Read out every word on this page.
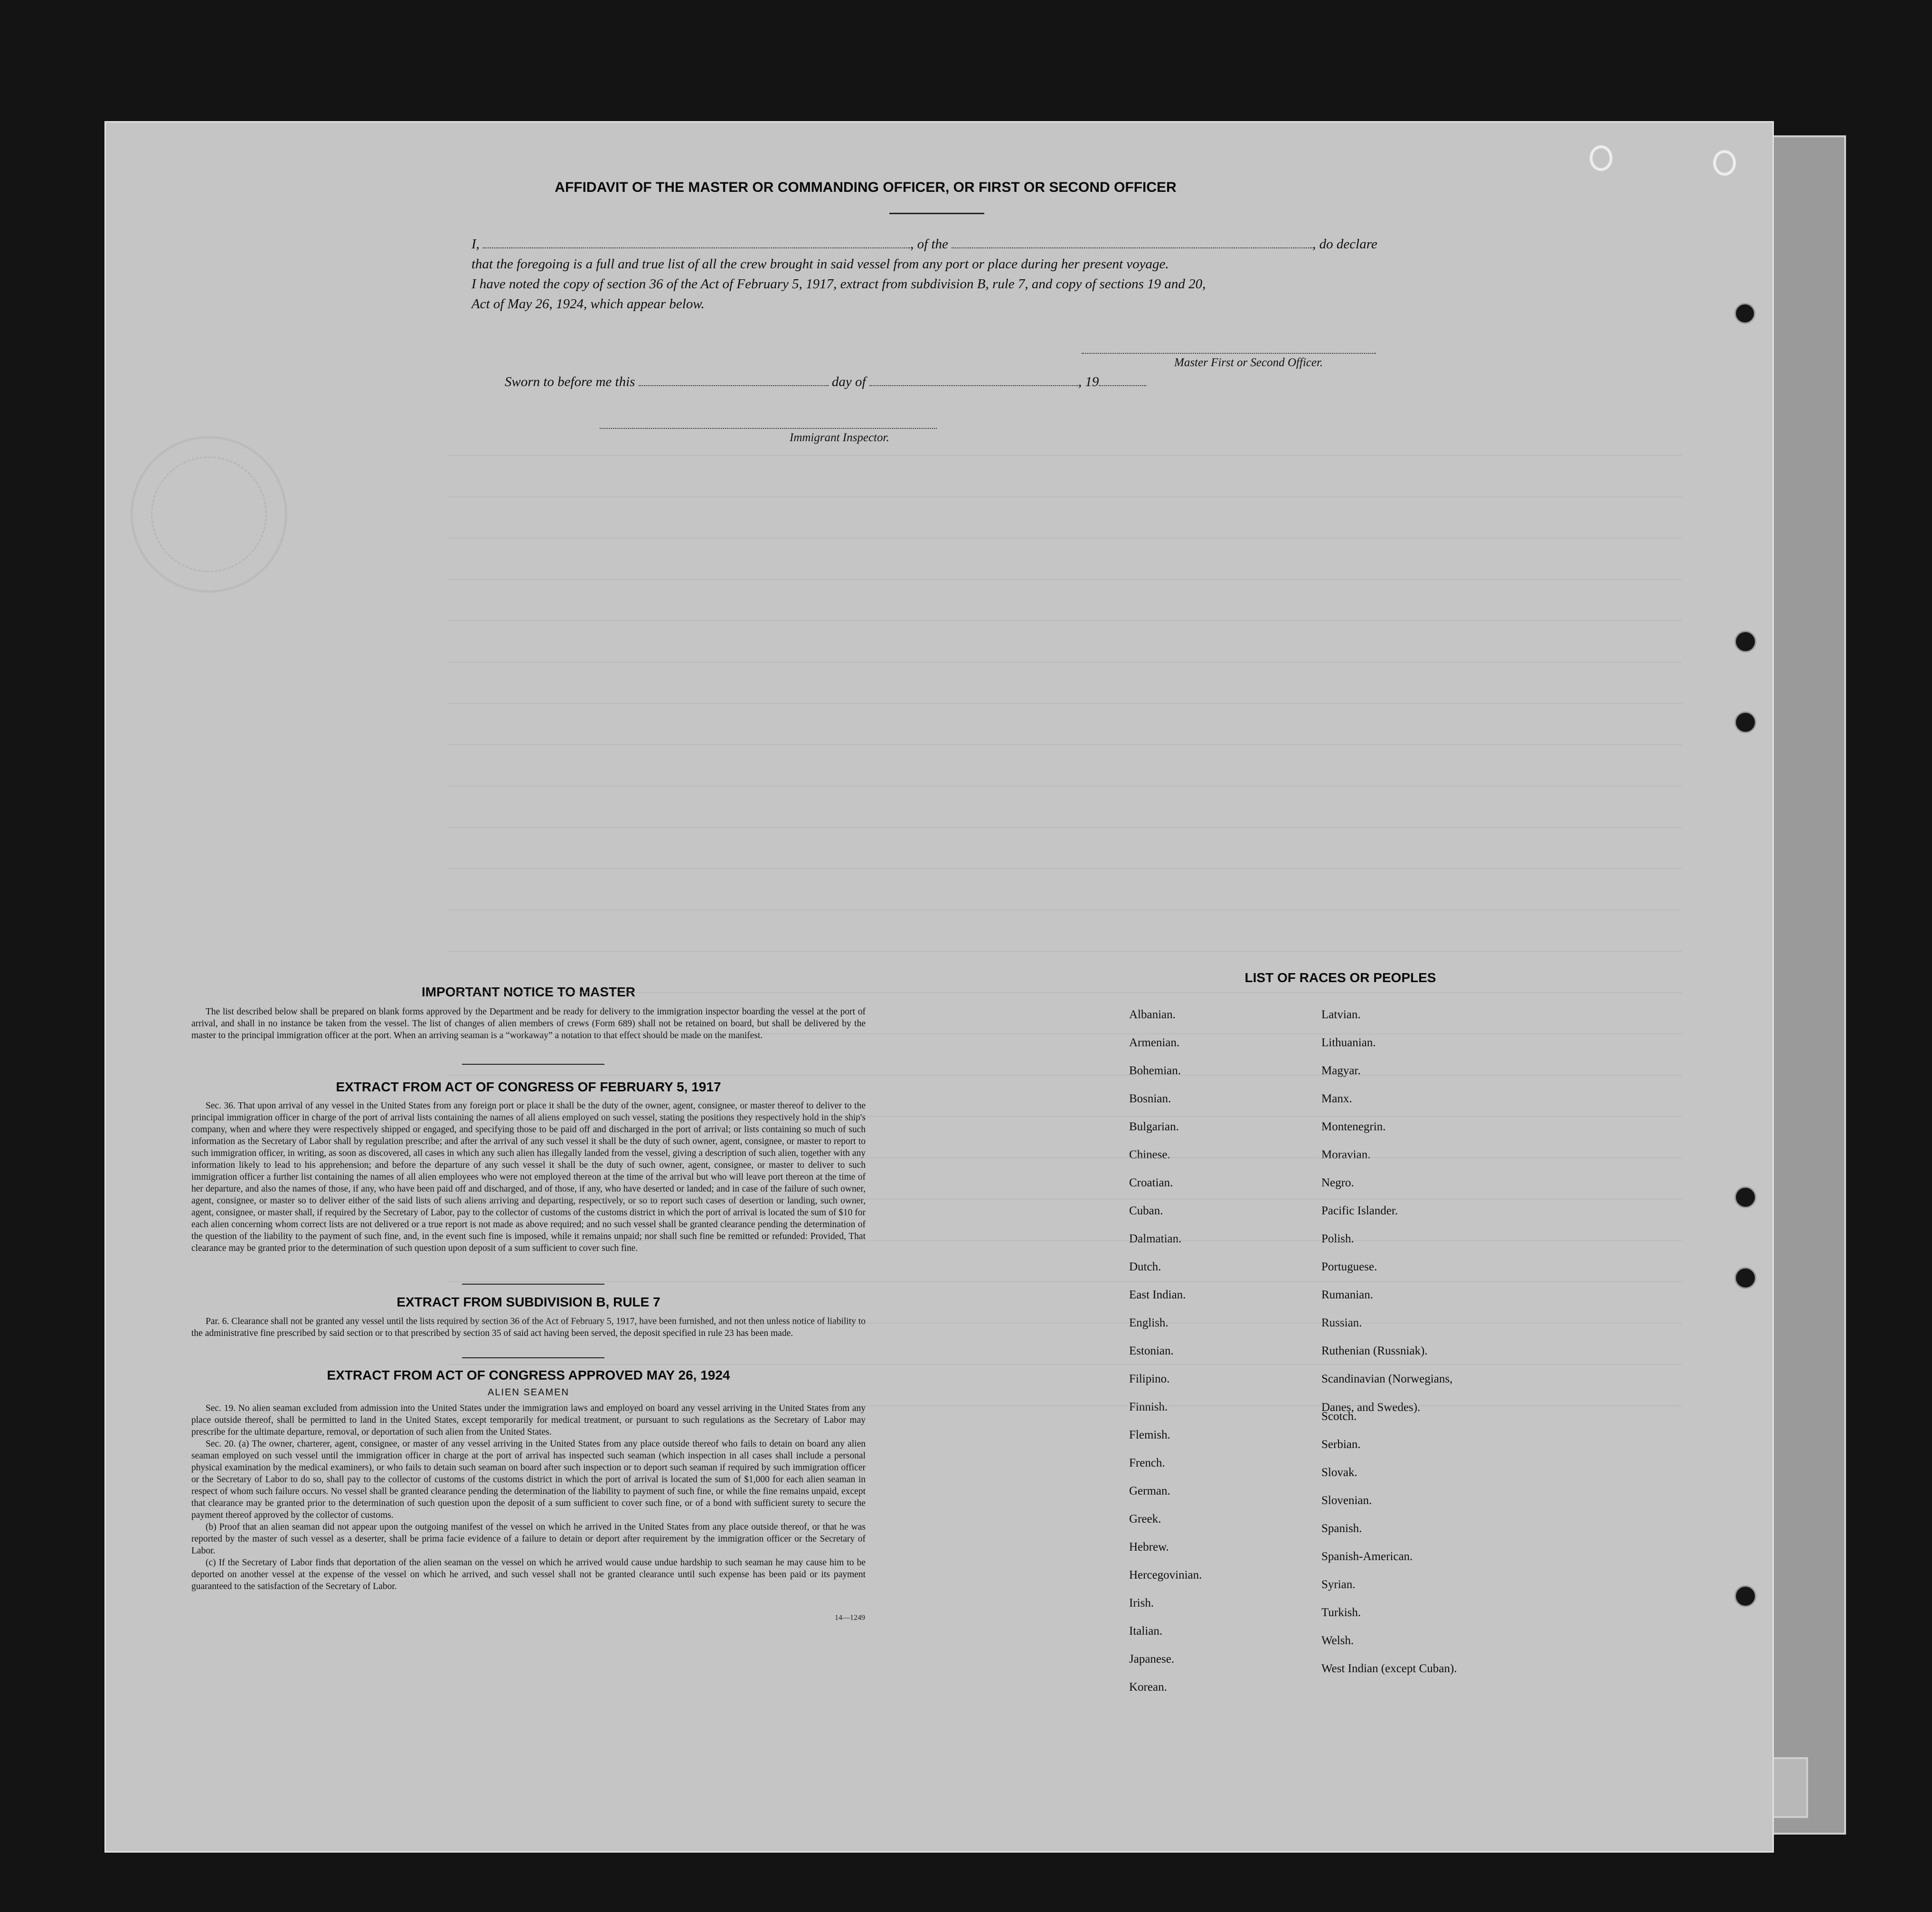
AFFIDAVIT OF THE MASTER OR COMMANDING OFFICER, OR FIRST OR SECOND OFFICER
I,	, of the	, do declare
that the foregoing is a full and true list of all the crew brought in said vessel from any port or place during her present voyage.
I have noted the copy of section 36 of the Act of February 5, 1917, extract from subdivision B, rule 7, and copy of sections 19 and 20,
Act of May 26, 1924, which appear below.
Master First or Second Officer.
Sworn to before me this	day of	, 19
Immigrant Inspector.
IMPORTANT NOTICE TO MASTER

The list described below shall be prepared on blank forms approved by the Department and be ready for delivery to the immigration inspector boarding the vessel at the port of arrival, and shall in no instance be taken from the vessel. The list of changes of alien members of crews (Form 689) shall not be retained on board, but shall be delivered by the master to the principal immigration officer at the port. When an arriving seaman is a “workaway” a notation to that effect should be made on the manifest.

EXTRACT FROM ACT OF CONGRESS OF FEBRUARY 5, 1917

Sec. 36. That upon arrival of any vessel in the United States from any foreign port or place it shall be the duty of the owner, agent, consignee, or master thereof to deliver to the principal immigration officer in charge of the port of arrival lists containing the names of all aliens employed on such vessel, stating the positions they respectively hold in the ship's company, when and where they were respectively shipped or engaged, and specifying those to be paid off and discharged in the port of arrival; or lists containing so much of such information as the Secretary of Labor shall by regulation prescribe; and after the arrival of any such vessel it shall be the duty of such owner, agent, consignee, or master to report to such immigration officer, in writing, as soon as discovered, all cases in which any such alien has illegally landed from the vessel, giving a description of such alien, together with any information likely to lead to his apprehension; and before the departure of any such vessel it shall be the duty of such owner, agent, consignee, or master to deliver to such immigration officer a further list containing the names of all alien employees who were not employed thereon at the time of the arrival but who will leave port thereon at the time of her departure, and also the names of those, if any, who have been paid off and discharged, and of those, if any, who have deserted or landed; and in case of the failure of such owner, agent, consignee, or master so to deliver either of the said lists of such aliens arriving and departing, respectively, or so to report such cases of desertion or landing, such owner, agent, consignee, or master shall, if required by the Secretary of Labor, pay to the collector of customs of the customs district in which the port of arrival is located the sum of $10 for each alien concerning whom correct lists are not delivered or a true report is not made as above required; and no such vessel shall be granted clearance pending the determination of the question of the liability to the payment of such fine, and, in the event such fine is imposed, while it remains unpaid; nor shall such fine be remitted or refunded: Provided, That clearance may be granted prior to the determination of such question upon deposit of a sum sufficient to cover such fine.

EXTRACT FROM SUBDIVISION B, RULE 7

Par. 6. Clearance shall not be granted any vessel until the lists required by section 36 of the Act of February 5, 1917, have been furnished, and not then unless notice of liability to the administrative fine prescribed by said section or to that prescribed by section 35 of said act having been served, the deposit specified in rule 23 has been made.

EXTRACT FROM ACT OF CONGRESS APPROVED MAY 26, 1924
ALIEN SEAMEN

Sec. 19. No alien seaman excluded from admission into the United States under the immigration laws and employed on board any vessel arriving in the United States from any place outside thereof, shall be permitted to land in the United States, except temporarily for medical treatment, or pursuant to such regulations as the Secretary of Labor may prescribe for the ultimate departure, removal, or deportation of such alien from the United States.

Sec. 20. (a) The owner, charterer, agent, consignee, or master of any vessel arriving in the United States from any place outside thereof who fails to detain on board any alien seaman employed on such vessel until the immigration officer in charge at the port of arrival has inspected such seaman (which inspection in all cases shall include a personal physical examination by the medical examiners), or who fails to detain such seaman on board after such inspection or to deport such seaman if required by such immigration officer or the Secretary of Labor to do so, shall pay to the collector of customs of the customs district in which the port of arrival is located the sum of $1,000 for each alien seaman in respect of whom such failure occurs. No vessel shall be granted clearance pending the determination of the liability to payment of such fine, or while the fine remains unpaid, except that clearance may be granted prior to the determination of such question upon the deposit of a sum sufficient to cover such fine, or of a bond with sufficient surety to secure the payment thereof approved by the collector of customs.

(b) Proof that an alien seaman did not appear upon the outgoing manifest of the vessel on which he arrived in the United States from any place outside thereof, or that he was reported by the master of such vessel as a deserter, shall be prima facie evidence of a failure to detain or deport after requirement by the immigration officer or the Secretary of Labor.

(c) If the Secretary of Labor finds that deportation of the alien seaman on the vessel on which he arrived would cause undue hardship to such seaman he may cause him to be deported on another vessel at the expense of the vessel on which he arrived, and such vessel shall not be granted clearance until such expense has been paid or its payment guaranteed to the satisfaction of the Secretary of Labor.

14—1249
LIST OF RACES OR PEOPLES
Albanian.
Armenian.
Bohemian.
Bosnian.
Bulgarian.
Chinese.
Croatian.
Cuban.
Dalmatian.
Dutch.
East Indian.
English.
Estonian.
Filipino.
Finnish.
Flemish.
French.
German.
Greek.
Hebrew.
Hercegovinian.
Irish.
Italian.
Japanese.
Korean.
Latvian.
Lithuanian.
Magyar.
Manx.
Montenegrin.
Moravian.
Negro.
Pacific Islander.
Polish.
Portuguese.
Rumanian.
Russian.
Ruthenian (Russniak).
Scandinavian (Norwegians,
Danes, and Swedes).
Scotch.
Serbian.
Slovak.
Slovenian.
Spanish.
Spanish-American.
Syrian.
Turkish.
Welsh.
West Indian (except Cuban).
